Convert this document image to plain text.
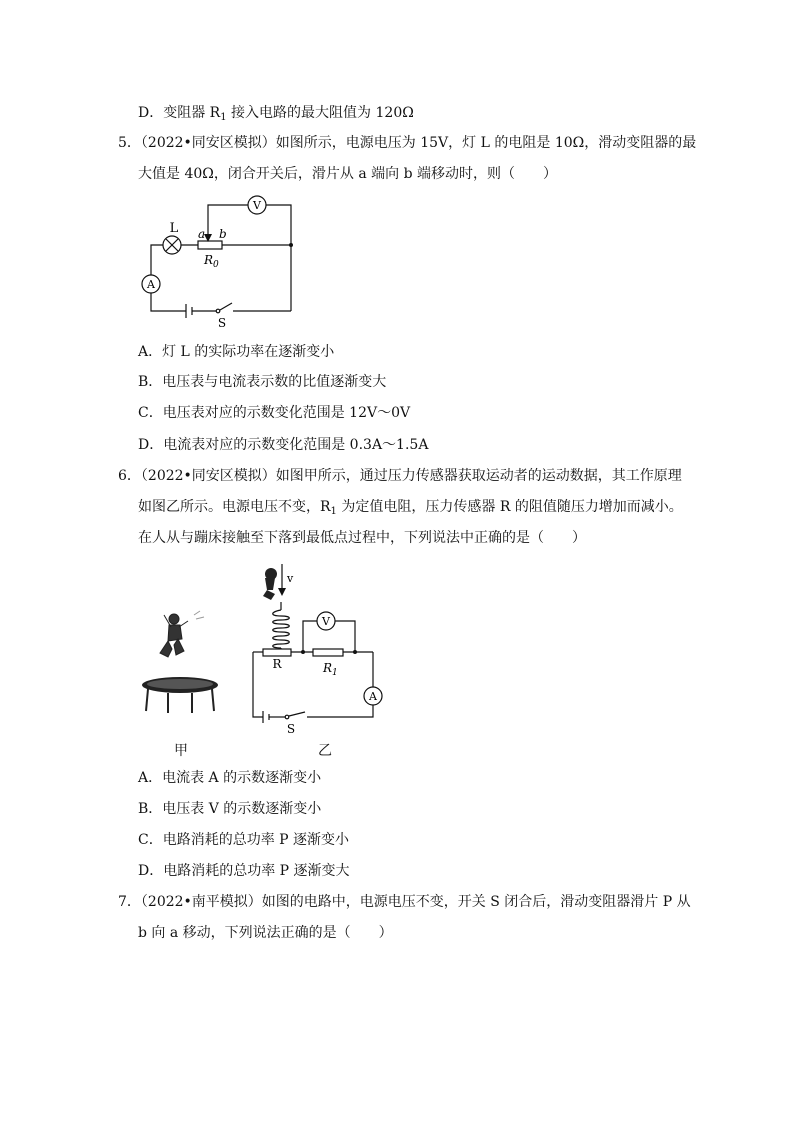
D．变阻器 $R_1$ 接入电路的最大阻值为 120Ω
5．（2022•同安区模拟）如图所示，电源电压为 15V，灯 L 的电阻是 10Ω，滑动变阻器的最
大值是 40Ω，闭合开关后，滑片从 a 端向 b 端移动时，则（　　）
V
A
L a b
$R_0$
S
A．灯 L 的实际功率在逐渐变小
B．电压表与电流表示数的比值逐渐变大
C．电压表对应的示数变化范围是 12V～0V
D．电流表对应的示数变化范围是 0.3A～1.5A
6．（2022•同安区模拟）如图甲所示，通过压力传感器获取运动者的运动数据，其工作原理
如图乙所示。电源电压不变，$R_1$ 为定值电阻，压力传感器 R 的阻值随压力增加而减小。
在人从与蹦床接触至下落到最低点过程中，下列说法中正确的是（　　）
甲
v
V
A
R	$R_1$
S
乙
A．电流表 A 的示数逐渐变小
B．电压表 V 的示数逐渐变小
C．电路消耗的总功率 P 逐渐变小
D．电路消耗的总功率 P 逐渐变大
7．（2022•南平模拟）如图的电路中，电源电压不变，开关 S 闭合后，滑动变阻器滑片 P 从
b 向 a 移动，下列说法正确的是（　　）
